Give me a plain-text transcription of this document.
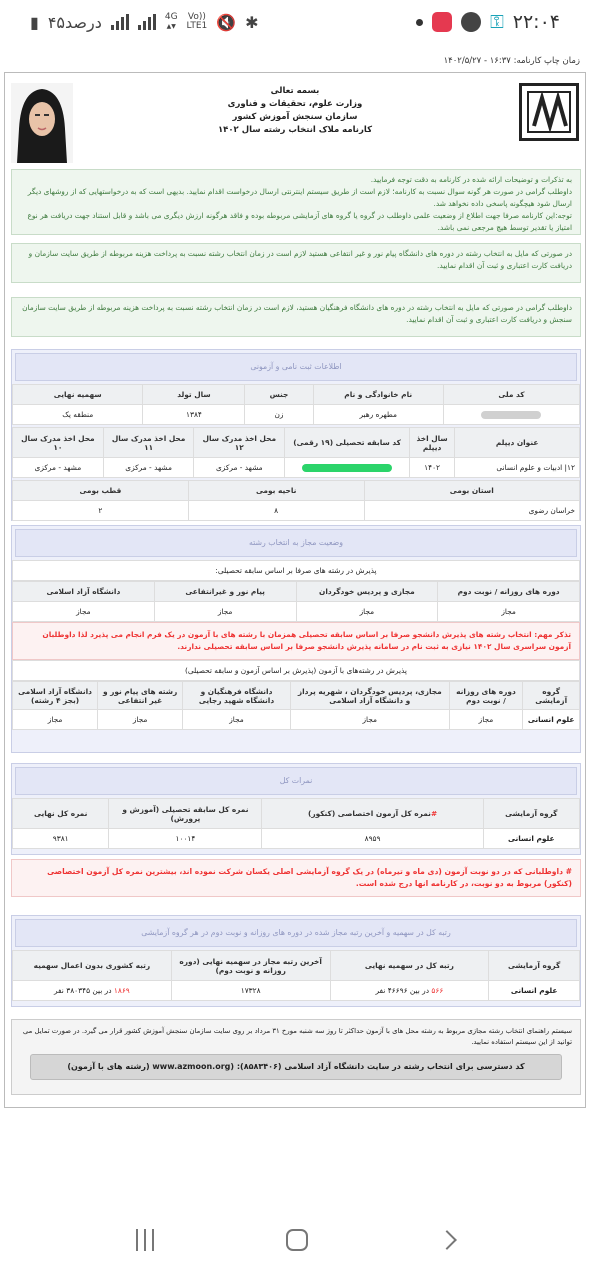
▮ ۴۵درصد	4G
▲▼
Vo))
LTE1 🔇 ✱	⚿ ۲۲:۰۴
زمان چاپ کارنامه: ۱۶:۳۷ - ۱۴۰۲/۵/۲۷
بسمه تعالی
وزارت علوم، تحقیقات و فناوری
سازمان سنجش آموزش کشور
کارنامه ملاک انتخاب رشته سال ۱۴۰۲
به تذکرات و توضیحات ارائه شده در کارنامه به دقت توجه فرمایید.
داوطلب گرامی در صورت هر گونه سوال نسبت به کارنامه؛ لازم است از طریق سیستم اینترنتی ارسال درخواست اقدام نمایید. بدیهی است که به درخواستهایی که از روشهای دیگر ارسال شود هیچگونه پاسخی داده نخواهد شد.
توجه:این کارنامه صرفا جهت اطلاع از وضعیت علمی داوطلب در گروه یا گروه های آزمایشی مربوطه بوده و فاقد هرگونه ارزش دیگری می باشد و قابل استناد جهت دریافت هر نوع امتیاز یا تقدیر توسط هیچ مرجعی نمی باشد.
در صورتی که مایل به انتخاب رشته در دوره های دانشگاه پیام نور و غیر انتفاعی هستید لازم است در زمان انتخاب رشته نسبت به پرداخت هزینه مربوطه از طریق سایت سازمان و دریافت کارت اعتباری و ثبت آن اقدام نمایید.
داوطلب گرامی در صورتی که مایل به انتخاب رشته در دوره های دانشگاه فرهنگیان هستید، لازم است در زمان انتخاب رشته نسبت به پرداخت هزینه مربوطه از طریق سایت سازمان سنجش و دریافت کارت اعتباری و ثبت آن اقدام نمایید.
اطلاعات ثبت نامی و آزمونی
کد ملی	نام خانوادگی و نام	جنس	سال تولد	سهمیه نهایی
	مطهره رهبر	زن	۱۳۸۴	منطقه یک
عنوان دیپلم	سال اخذ دیپلم	کد سابقه تحصیلی (۱۹ رقمی)	محل اخذ مدرک سال ۱۲	محل اخذ مدرک سال ۱۱	محل اخذ مدرک سال ۱۰
۱۲| ادبیات و علوم انسانی	۱۴۰۲		مشهد - مرکزی	مشهد - مرکزی	مشهد - مرکزی
استان بومی	ناحیه بومی	قطب بومی
خراسان رضوی	۸	۲
وضعیت مجاز به انتخاب رشته
پذیرش در رشته های صرفا بر اساس سابقه تحصیلی:
دوره های روزانه / نوبت دوم	مجازی و پردیس خودگردان	پیام نور و غیرانتفاعی	دانشگاه آزاد اسلامی
مجاز	مجاز	مجاز	مجاز
تذکر مهم: انتخاب رشته های پذیرش دانشجو صرفا بر اساس سابقه تحصیلی همزمان با رشته های با آزمون در یک فرم انجام می پذیرد لذا داوطلبان آزمون سراسری سال ۱۴۰۲ نیازی به ثبت نام در سامانه پذیرش دانشجو صرفا بر اساس سابقه تحصیلی ندارند.
پذیرش در رشته‌های با آزمون (پذیرش بر اساس آزمون و سابقه تحصیلی)
گروه آزمایشی	دوره های روزانه / نوبت دوم	مجازی، پردیس خودگردان ، شهریه پرداز و دانشگاه آزاد اسلامی	دانشگاه فرهنگیان و دانشگاه شهید رجایی	رشته های پیام نور و غیر انتفاعی	دانشگاه آزاد اسلامی (بجز ۴ رشته)
علوم انسانی	مجاز	مجاز	مجاز	مجاز	مجاز
نمرات کل
گروه آزمایشی	#نمره کل آزمون اختصاصی (کنکور)	نمره کل سابقه تحصیلی (آموزش و پرورش)	نمره کل نهایی
علوم انسانی	۸۹۵۹	۱۰۰۱۴	۹۳۸۱
# داوطلبانی که در دو نوبت آزمون (دی ماه و تیرماه) در یک گروه آزمایشی اصلی یکسان شرکت نموده اند، بیشترین نمره کل آزمون اختصاصی (کنکور) مربوط به دو نوبت، در کارنامه انها درج شده است.
رتبه کل در سهمیه و آخرین رتبه مجاز شده در دوره های روزانه و نوبت دوم در هر گروه آزمایشی
گروه آزمایشی	رتبه کل در سهمیه نهایی	آخرین رتبه مجاز در سهمیه نهایی (دوره روزانه و نوبت دوم)	رتبه کشوری بدون اعمال سهمیه
علوم انسانی	۵۶۶ در بین ۴۶۶۹۶ نفر	۱۷۳۲۸	۱۸۶۹ در بین ۳۸۰۳۴۵ نفر
سیستم راهنمای انتخاب رشته مجازی مربوط به رشته محل های با آزمون حداکثر تا روز سه شنبه مورخ ۳۱ مرداد بر روی سایت سازمان سنجش آموزش کشور قرار می گیرد. در صورت تمایل می توانید از این سیستم استفاده نمایید.
کد دسترسی برای انتخاب رشته در سایت دانشگاه آزاد اسلامی (۸۵۸۳۴۰۶): (www.azmoon.org (رشته های با آزمون)
